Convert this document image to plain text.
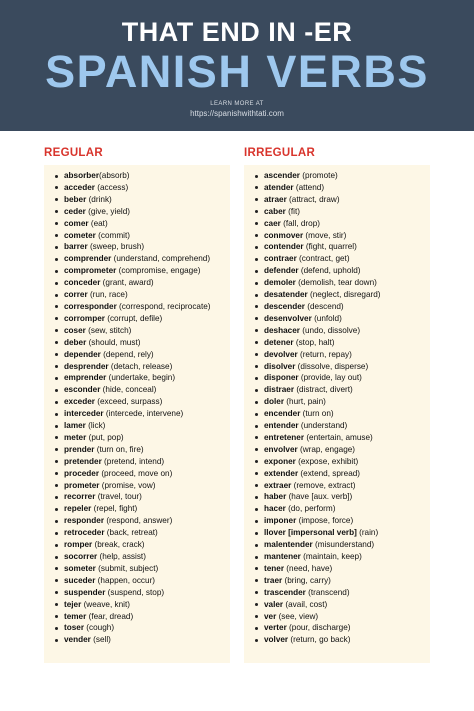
THAT END IN -ER
SPANISH VERBS
LEARN MORE AT
https://spanishwithtati.com
REGULAR	IRREGULAR
absorber(absorb)
acceder (access)
beber (drink)
ceder (give, yield)
comer (eat)
cometer (commit)
barrer (sweep, brush)
comprender (understand, comprehend)
comprometer (compromise, engage)
conceder (grant, award)
correr (run, race)
corresponder (correspond, reciprocate)
corromper (corrupt, defile)
coser (sew, stitch)
deber (should, must)
depender (depend, rely)
desprender (detach, release)
emprender (undertake, begin)
esconder (hide, conceal)
exceder (exceed, surpass)
interceder (intercede, intervene)
lamer (lick)
meter (put, pop)
prender (turn on, fire)
pretender (pretend, intend)
proceder (proceed, move on)
prometer (promise, vow)
recorrer (travel, tour)
repeler (repel, fight)
responder (respond, answer)
retroceder (back, retreat)
romper (break, crack)
socorrer (help, assist)
someter (submit, subject)
suceder (happen, occur)
suspender (suspend, stop)
tejer (weave, knit)
temer (fear, dread)
toser (cough)
vender (sell)
ascender (promote)
atender (attend)
atraer (attract, draw)
caber (fit)
caer (fall, drop)
conmover (move, stir)
contender (fight, quarrel)
contraer (contract, get)
defender (defend, uphold)
demoler (demolish, tear down)
desatender (neglect, disregard)
descender (descend)
desenvolver (unfold)
deshacer (undo, dissolve)
detener (stop, halt)
devolver (return, repay)
disolver (dissolve, disperse)
disponer (provide, lay out)
distraer (distract, divert)
doler (hurt, pain)
encender (turn on)
entender (understand)
entretener (entertain, amuse)
envolver (wrap, engage)
exponer (expose, exhibit)
extender (extend, spread)
extraer (remove, extract)
haber (have [aux. verb])
hacer (do, perform)
imponer (impose, force)
llover [impersonal verb] (rain)
malentender (misunderstand)
mantener (maintain, keep)
tener (need, have)
traer (bring, carry)
trascender (transcend)
valer (avail, cost)
ver (see, view)
verter (pour, discharge)
volver (return, go back)
